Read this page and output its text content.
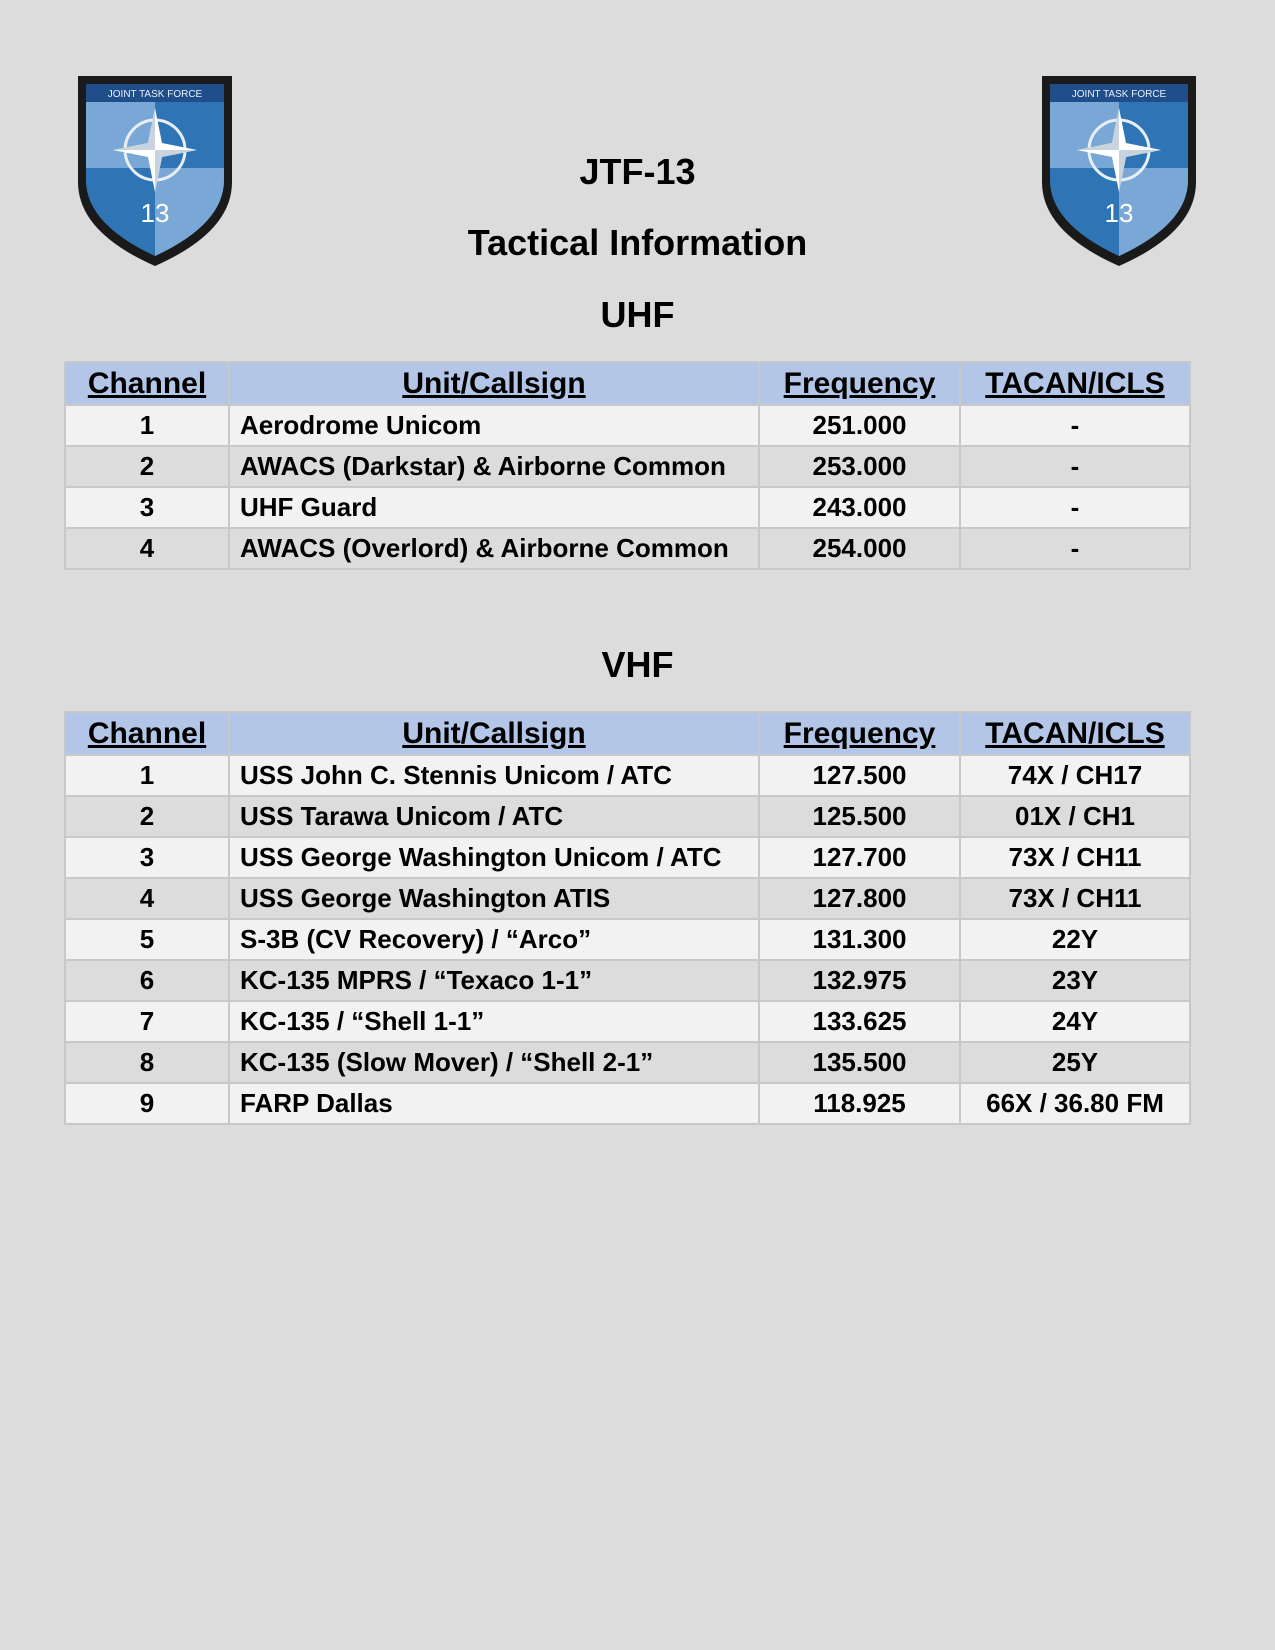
JOINT TASK FORCE
13
JOINT TASK FORCE
13
JTF-13
Tactical Information
UHF
VHF
Channel	Unit/Callsign	Frequency	TACAN/ICLS
1	Aerodrome Unicom	251.000	-
2	AWACS (Darkstar) & Airborne Common	253.000	-
3	UHF Guard	243.000	-
4	AWACS (Overlord) & Airborne Common	254.000	-
Channel	Unit/Callsign	Frequency	TACAN/ICLS
1	USS John C. Stennis Unicom / ATC	127.500	74X / CH17
2	USS Tarawa Unicom / ATC	125.500	01X / CH1
3	USS George Washington Unicom / ATC	127.700	73X / CH11
4	USS George Washington ATIS	127.800	73X / CH11
5	S-3B (CV Recovery) / “Arco”	131.300	22Y
6	KC-135 MPRS / “Texaco 1-1”	132.975	23Y
7	KC-135 / “Shell 1-1”	133.625	24Y
8	KC-135 (Slow Mover) / “Shell 2-1”	135.500	25Y
9	FARP Dallas	118.925	66X / 36.80 FM
